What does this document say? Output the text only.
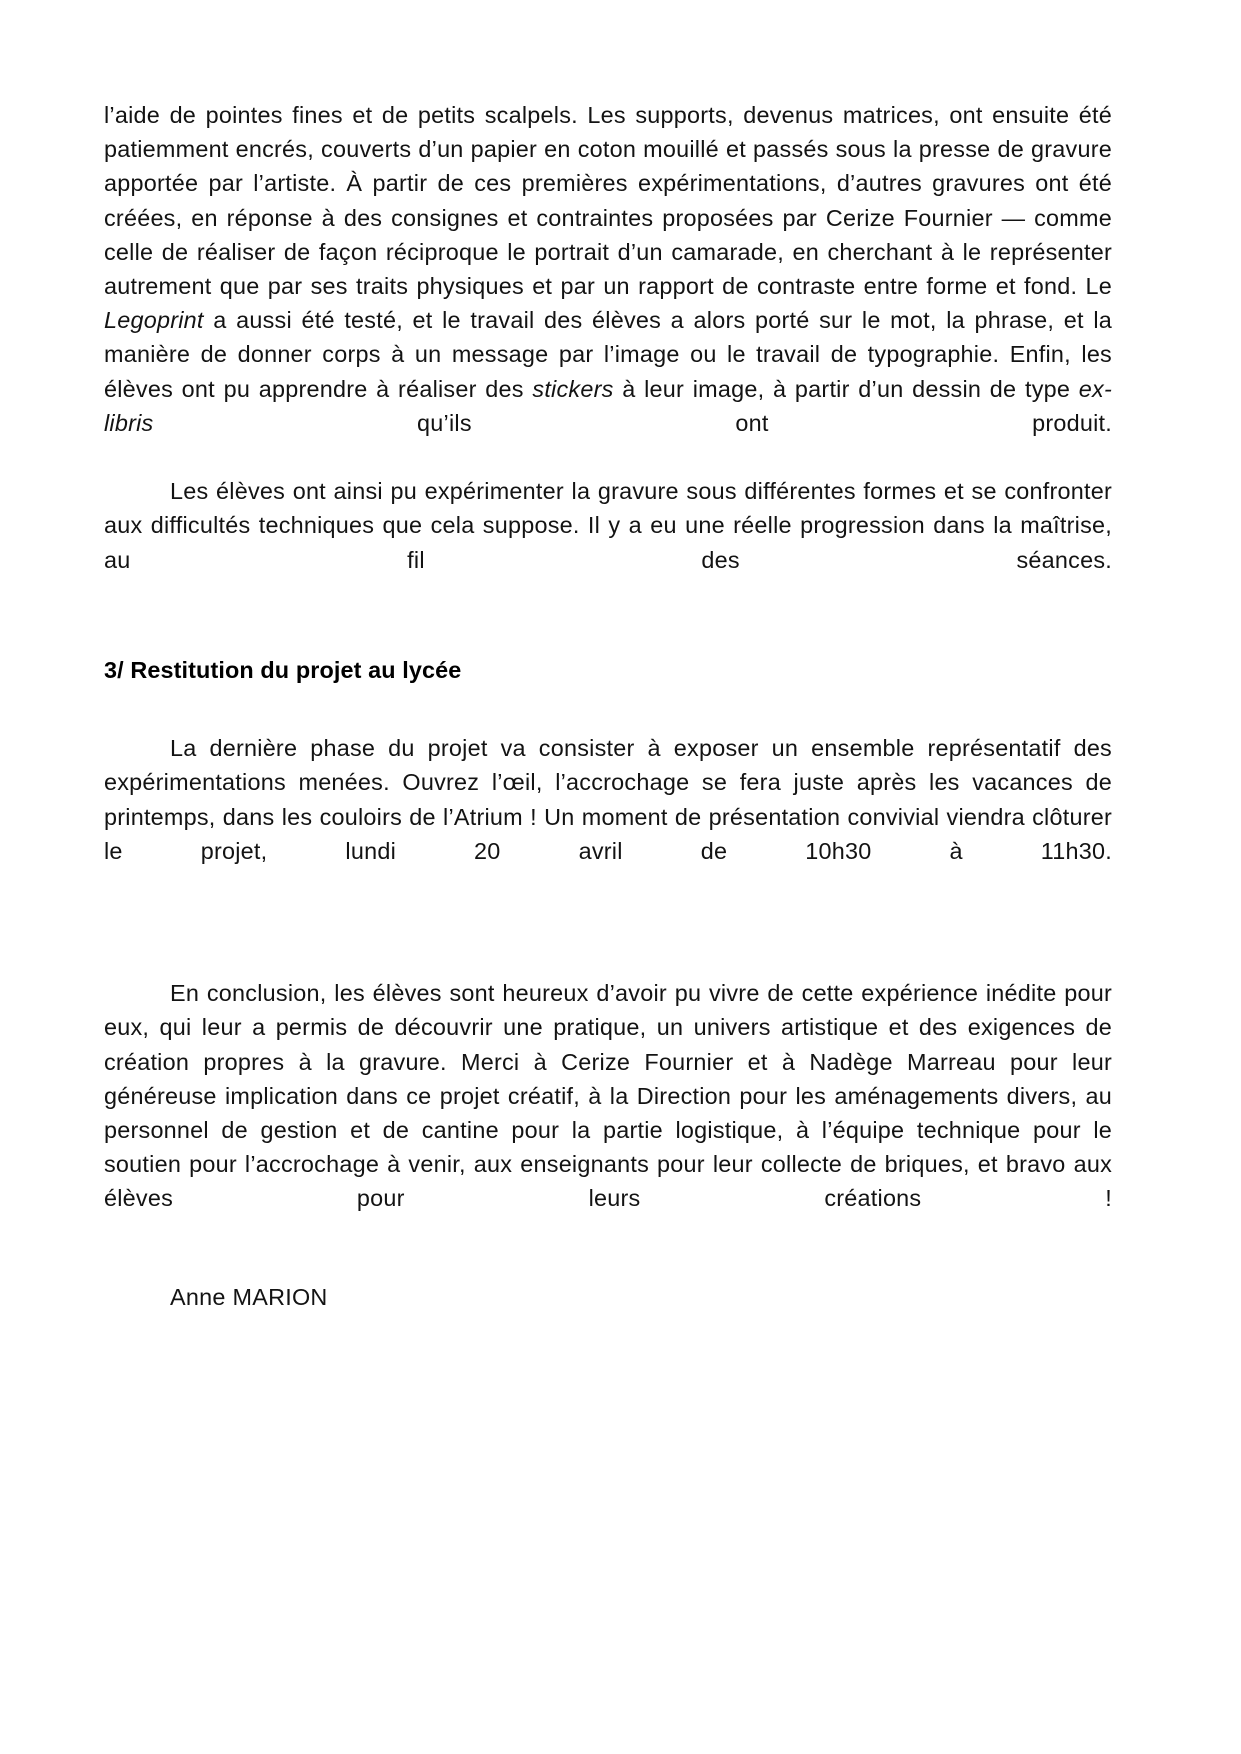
l’aide de pointes fines et de petits scalpels. Les supports, devenus matrices, ont ensuite été patiemment encrés, couverts d’un papier en coton mouillé et passés sous la presse de gravure apportée par l’artiste. À partir de ces premières expérimentations, d’autres gravures ont été créées, en réponse à des consignes et contraintes proposées par Cerize Fournier — comme celle de réaliser de façon réciproque le portrait d’un camarade, en cherchant à le représenter autrement que par ses traits physiques et par un rapport de contraste entre forme et fond. Le Legoprint a aussi été testé, et le travail des élèves a alors porté sur le mot, la phrase, et la manière de donner corps à un message par l’image ou le travail de typographie. Enfin, les élèves ont pu apprendre à réaliser des stickers à leur image, à partir d’un dessin de type ex-libris qu’ils ont produit.

Les élèves ont ainsi pu expérimenter la gravure sous différentes formes et se confronter aux difficultés techniques que cela suppose. Il y a eu une réelle progression dans la maîtrise, au fil des séances.

3/ Restitution du projet au lycée

La dernière phase du projet va consister à exposer un ensemble représentatif des expérimentations menées. Ouvrez l’œil, l’accrochage se fera juste après les vacances de printemps, dans les couloirs de l’Atrium ! Un moment de présentation convivial viendra clôturer le projet, lundi 20 avril de 10h30 à 11h30.

En conclusion, les élèves sont heureux d’avoir pu vivre de cette expérience inédite pour eux, qui leur a permis de découvrir une pratique, un univers artistique et des exigences de création propres à la gravure. Merci à Cerize Fournier et à Nadège Marreau pour leur généreuse implication dans ce projet créatif, à la Direction pour les aménagements divers, au personnel de gestion et de cantine pour la partie logistique, à l’équipe technique pour le soutien pour l’accrochage à venir, aux enseignants pour leur collecte de briques, et bravo aux élèves pour leurs créations !

Anne MARION
